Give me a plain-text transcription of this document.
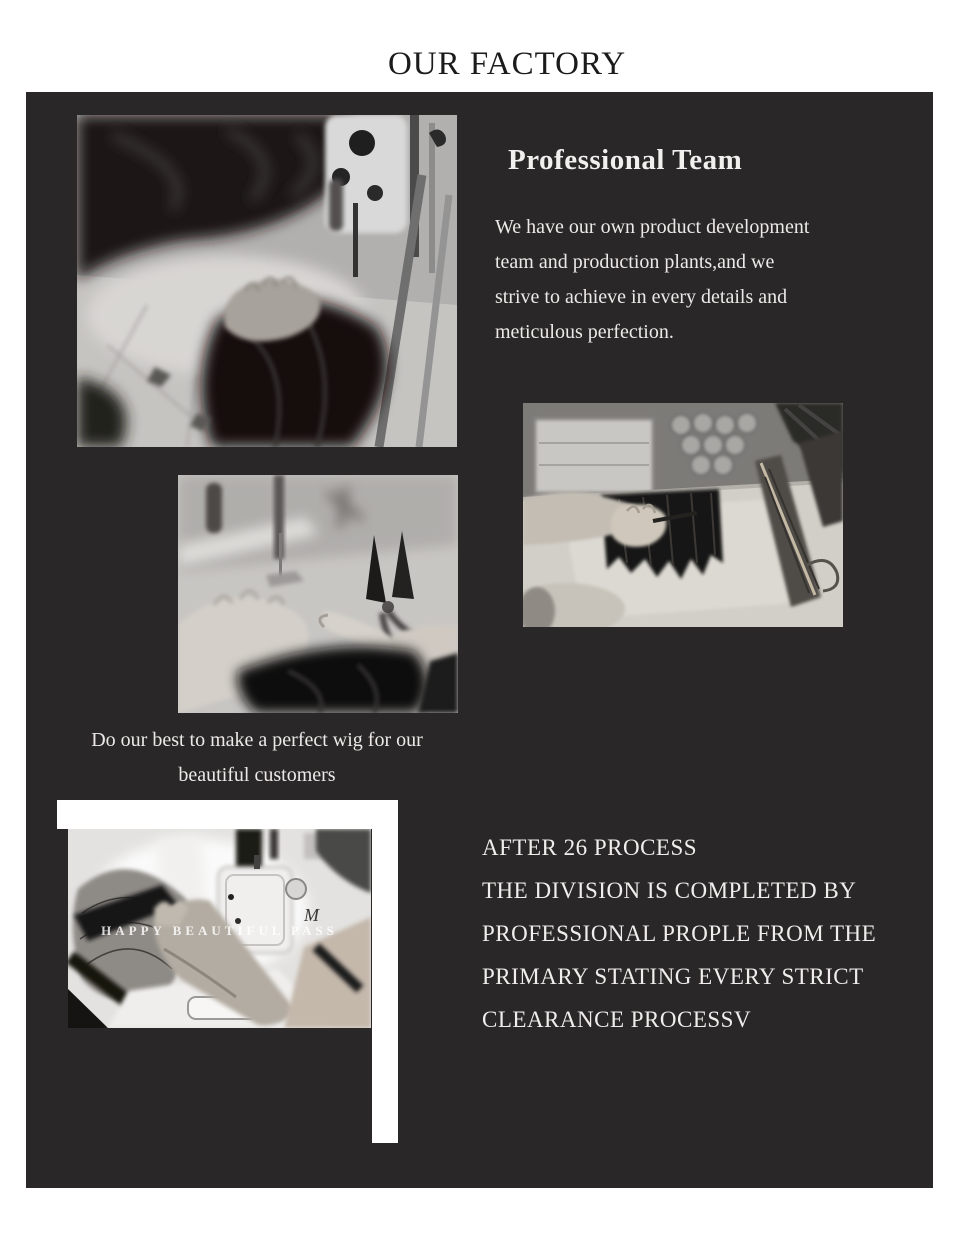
OUR FACTORY
Professional Team
We have our own product development
team and production plants,and we
strive to achieve in every details and
meticulous perfection.
Do our best to make a perfect wig for our
beautiful customers
M
HAPPY BEAUTIFUL PASS
AFTER 26 PROCESS
THE DIVISION IS COMPLETED BY
PROFESSIONAL PROPLE FROM THE
PRIMARY STATING EVERY STRICT
CLEARANCE PROCESSV
